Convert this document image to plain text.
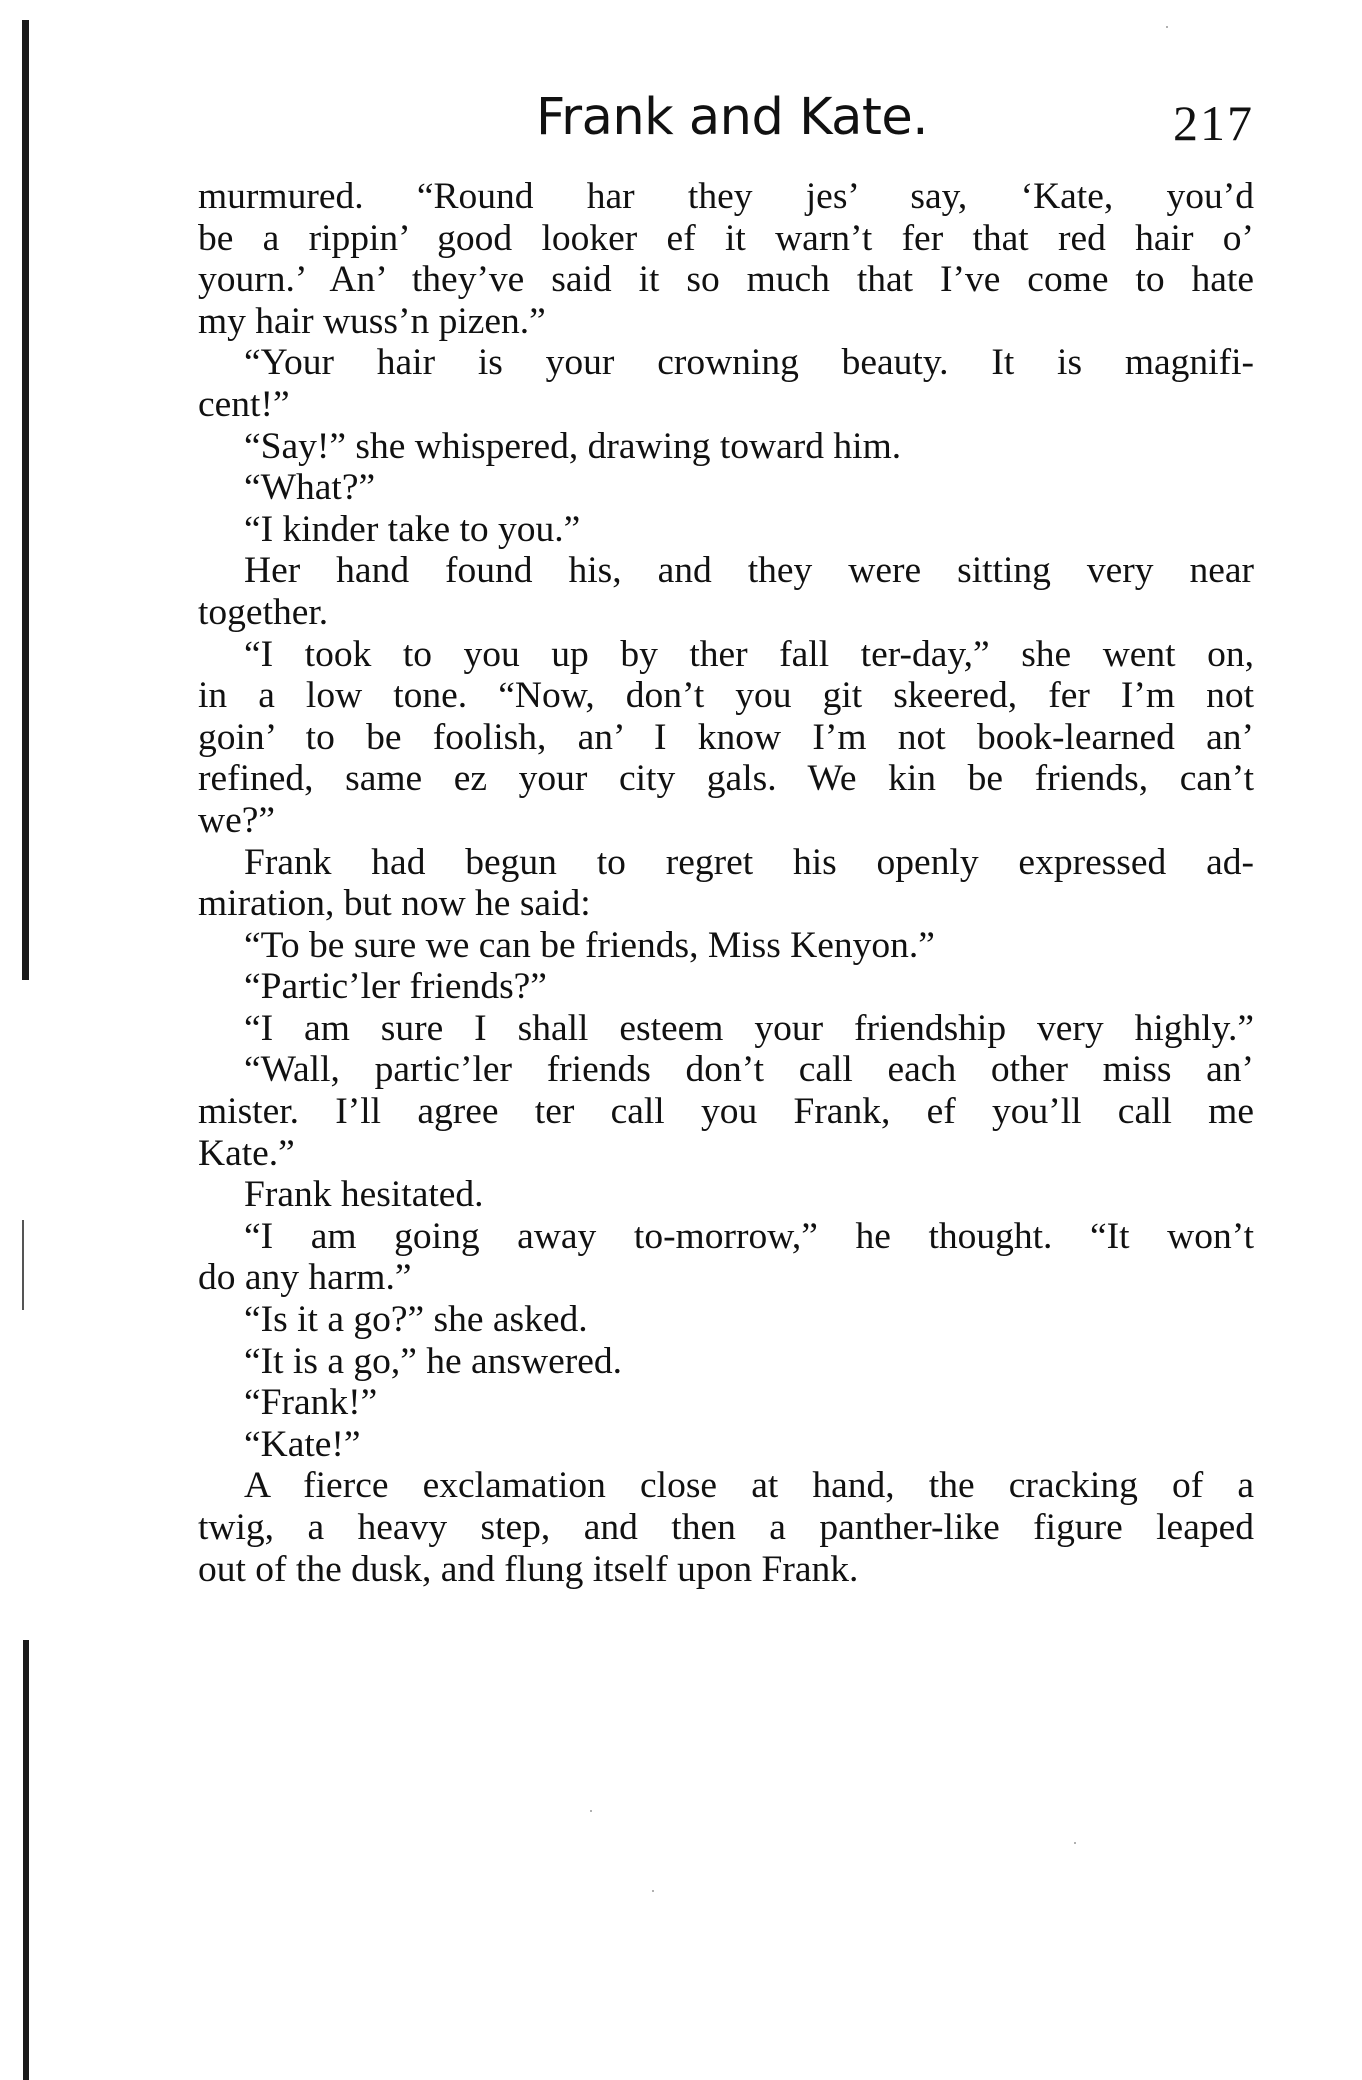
Frank and Kate.	217
murmured. “Round har they jes’ say, ‘Kate, you’d
be a rippin’ good looker ef it warn’t fer that red hair o’
yourn.’ An’ they’ve said it so much that I’ve come to hate
my hair wuss’n pizen.”
“Your hair is your crowning beauty. It is magnifi-
cent!”
“Say!” she whispered, drawing toward him.
“What?”
“I kinder take to you.”
Her hand found his, and they were sitting very near
together.
“I took to you up by ther fall ter-day,” she went on,
in a low tone. “Now, don’t you git skeered, fer I’m not
goin’ to be foolish, an’ I know I’m not book-learned an’
refined, same ez your city gals. We kin be friends, can’t
we?”
Frank had begun to regret his openly expressed ad-
miration, but now he said:
“To be sure we can be friends, Miss Kenyon.”
“Partic’ler friends?”
“I am sure I shall esteem your friendship very highly.”
“Wall, partic’ler friends don’t call each other miss an’
mister. I’ll agree ter call you Frank, ef you’ll call me
Kate.”
Frank hesitated.
“I am going away to-morrow,” he thought. “It won’t
do any harm.”
“Is it a go?” she asked.
“It is a go,” he answered.
“Frank!”
“Kate!”
A fierce exclamation close at hand, the cracking of a
twig, a heavy step, and then a panther-like figure leaped
out of the dusk, and flung itself upon Frank.
